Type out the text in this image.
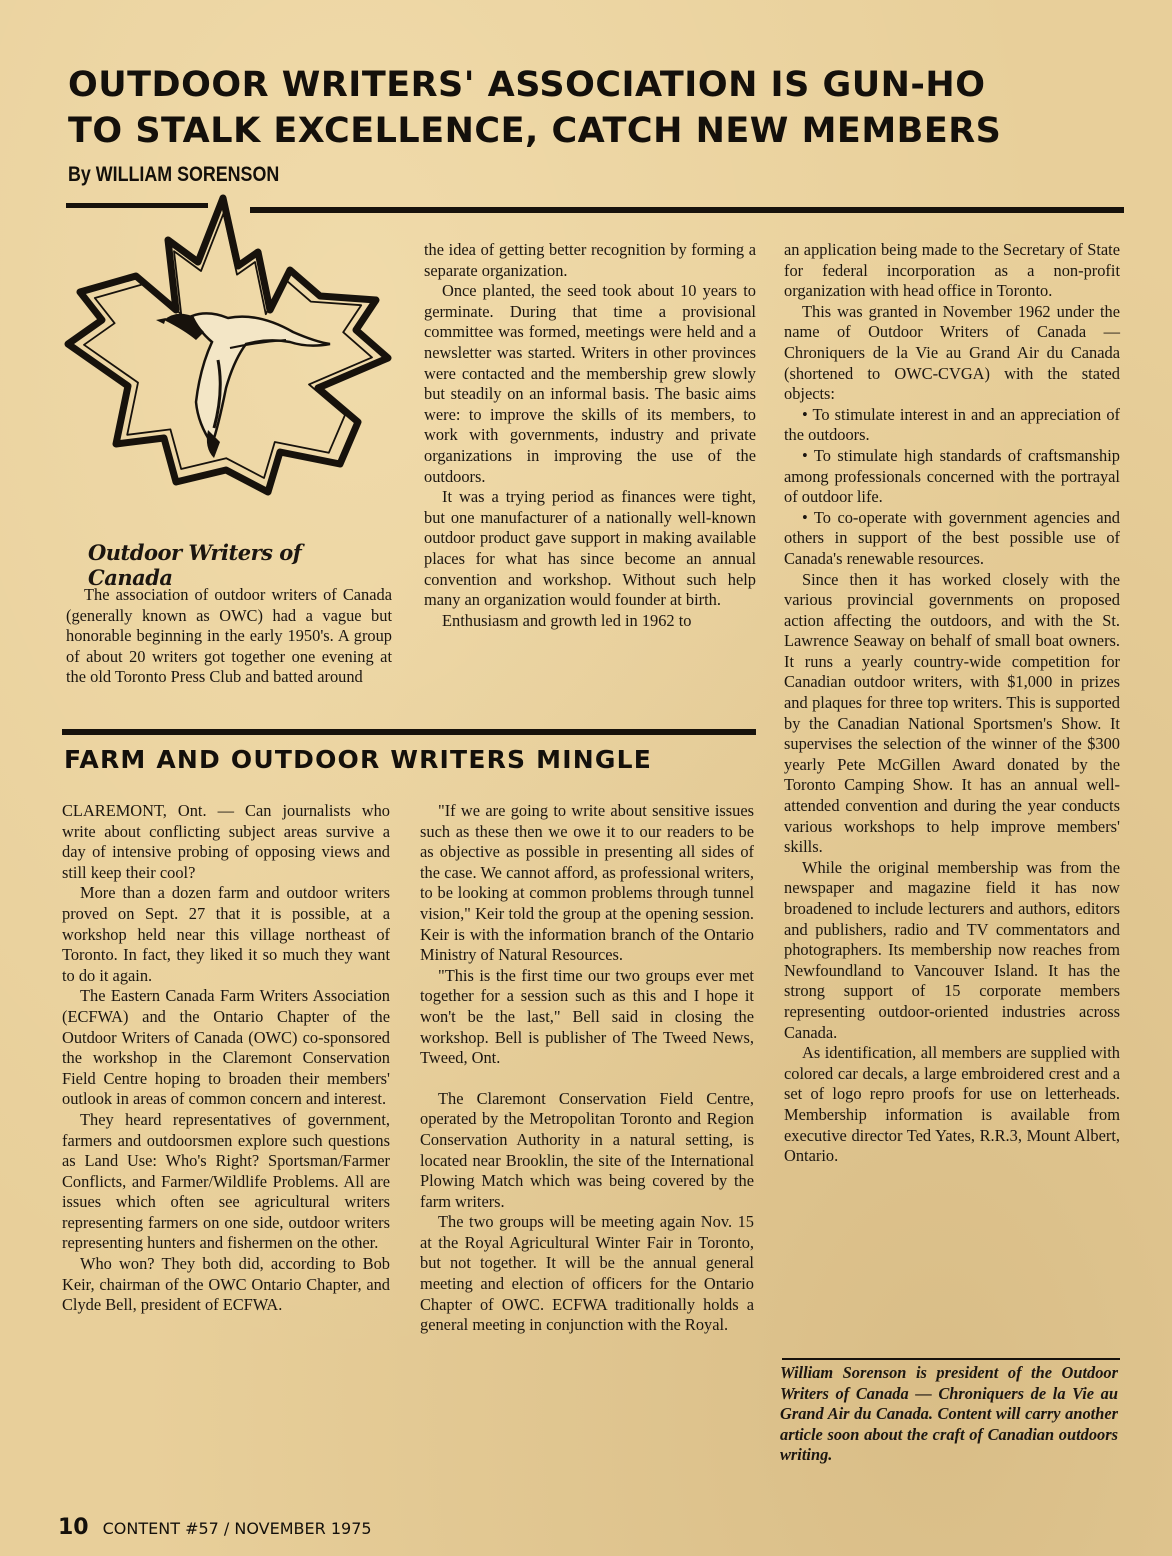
OUTDOOR WRITERS' ASSOCIATION IS GUN-HO
TO STALK EXCELLENCE, CATCH NEW MEMBERS
By WILLIAM SORENSON
Outdoor Writers of Canada

The association of outdoor writers of Canada (generally known as OWC) had a vague but honorable beginning in the early 1950's. A group of about 20 writers got together one evening at the old Toronto Press Club and batted around

the idea of getting better recognition by forming a separate organization.

Once planted, the seed took about 10 years to germinate. During that time a provisional committee was formed, meetings were held and a newsletter was started. Writers in other provinces were contacted and the membership grew slowly but steadily on an informal basis. The basic aims were: to improve the skills of its members, to work with governments, industry and private organizations in improving the use of the outdoors.

It was a trying period as finances were tight, but one manufacturer of a nationally well-known outdoor product gave support in making available places for what has since become an annual convention and workshop. Without such help many an organization would founder at birth.

Enthusiasm and growth led in 1962 to

FARM AND OUTDOOR WRITERS MINGLE

CLAREMONT, Ont. — Can journalists who write about conflicting subject areas survive a day of intensive probing of opposing views and still keep their cool?

More than a dozen farm and outdoor writers proved on Sept. 27 that it is possible, at a workshop held near this village northeast of Toronto. In fact, they liked it so much they want to do it again.

The Eastern Canada Farm Writers Association (ECFWA) and the Ontario Chapter of the Outdoor Writers of Canada (OWC) co-sponsored the workshop in the Claremont Conservation Field Centre hoping to broaden their members' outlook in areas of common concern and interest.

They heard representatives of government, farmers and outdoorsmen explore such questions as Land Use: Who's Right? Sportsman/Farmer Conflicts, and Farmer/Wildlife Problems. All are issues which often see agricultural writers representing farmers on one side, outdoor writers representing hunters and fishermen on the other.

Who won? They both did, according to Bob Keir, chairman of the OWC Ontario Chapter, and Clyde Bell, president of ECFWA.

"If we are going to write about sensitive issues such as these then we owe it to our readers to be as objective as possible in presenting all sides of the case. We cannot afford, as professional writers, to be looking at common problems through tunnel vision," Keir told the group at the opening session. Keir is with the information branch of the Ontario Ministry of Natural Resources.

"This is the first time our two groups ever met together for a session such as this and I hope it won't be the last," Bell said in closing the workshop. Bell is publisher of The Tweed News, Tweed, Ont.

The Claremont Conservation Field Centre, operated by the Metropolitan Toronto and Region Conservation Authority in a natural setting, is located near Brooklin, the site of the International Plowing Match which was being covered by the farm writers.

The two groups will be meeting again Nov. 15 at the Royal Agricultural Winter Fair in Toronto, but not together. It will be the annual general meeting and election of officers for the Ontario Chapter of OWC. ECFWA traditionally holds a general meeting in conjunction with the Royal.

an application being made to the Secretary of State for federal incorporation as a non-profit organization with head office in Toronto.

This was granted in November 1962 under the name of Outdoor Writers of Canada — Chroniquers de la Vie au Grand Air du Canada (shortened to OWC-CVGA) with the stated objects:

• To stimulate interest in and an appreciation of the outdoors.

• To stimulate high standards of craftsmanship among professionals concerned with the portrayal of outdoor life.

• To co-operate with government agencies and others in support of the best possible use of Canada's renewable resources.

Since then it has worked closely with the various provincial governments on proposed action affecting the outdoors, and with the St. Lawrence Seaway on behalf of small boat owners. It runs a yearly country-wide competition for Canadian outdoor writers, with $1,000 in prizes and plaques for three top writers. This is supported by the Canadian National Sportsmen's Show. It supervises the selection of the winner of the $300 yearly Pete McGillen Award donated by the Toronto Camping Show. It has an annual well-attended convention and during the year conducts various workshops to help improve members' skills.

While the original membership was from the newspaper and magazine field it has now broadened to include lecturers and authors, editors and publishers, radio and TV commentators and photographers. Its membership now reaches from Newfoundland to Vancouver Island. It has the strong support of 15 corporate members representing outdoor-oriented industries across Canada.

As identification, all members are supplied with colored car decals, a large embroidered crest and a set of logo repro proofs for use on letterheads. Membership information is available from executive director Ted Yates, R.R.3, Mount Albert, Ontario.

William Sorenson is president of the Outdoor Writers of Canada — Chroniquers de la Vie au Grand Air du Canada. Content will carry another article soon about the craft of Canadian outdoors writing.
10 CONTENT #57 / NOVEMBER 1975
